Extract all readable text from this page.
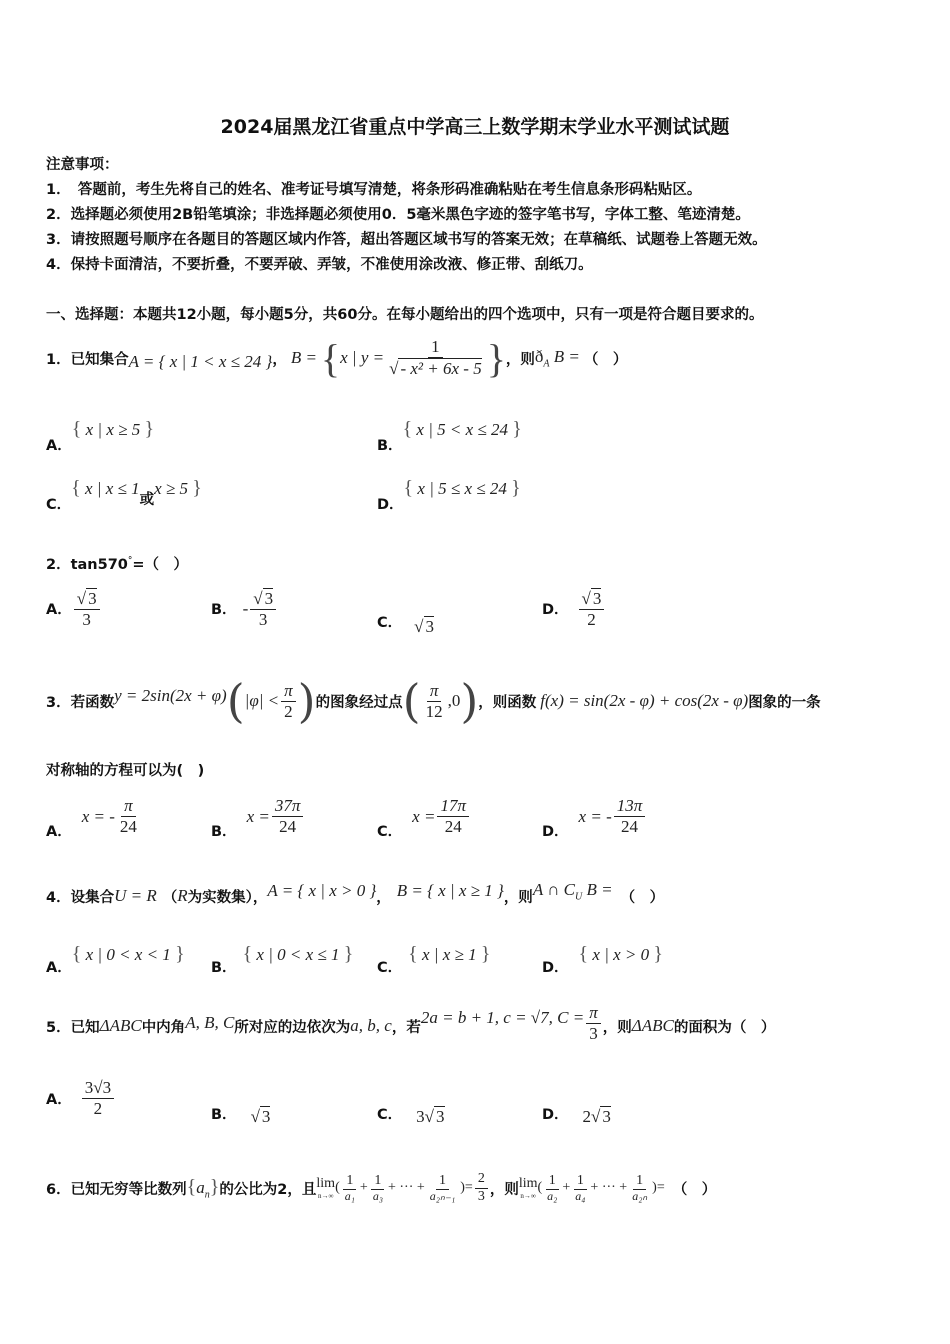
2024届黑龙江省重点中学高三上数学期末学业水平测试试题
注意事项：
1．　答题前，考生先将自己的姓名、准考证号填写清楚，将条形码准确粘贴在考生信息条形码粘贴区。
2．选择题必须使用2B铅笔填涂；非选择题必须使用0．5毫米黑色字迹的签字笔书写，字体工整、笔迹清楚。
3．请按照题号顺序在各题目的答题区域内作答，超出答题区域书写的答案无效；在草稿纸、试题卷上答题无效。
4．保持卡面清洁，不要折叠，不要弄破、弄皱，不准使用涂改液、修正带、刮纸刀。
一、选择题：本题共12小题，每小题5分，共60分。在每小题给出的四个选项中，只有一项是符合题目要求的。
1． 已知集合 A = { x | 1 < x ≤ 24 } ， B = { x | $y = \frac{1}{\text{√ - x² + 6x - 5}}$ } ，则 $ð_A$ B = （　）
A．
{ x | x ≥ 5 }
B．
{ x | 5 < x ≤ 24 }
C．
{ x | x ≤ 1
或
x ≥ 5 }
D．
{ x | 5 ≤ x ≤ 24 }
2．tan570°=（　）
A． $\frac{√ 3}{3}$	B． - $\frac{√ 3}{3}$	C． √ 3
D． $\frac{√ 3}{2}$
3． 若函数 y = 2sin(2x + φ) ( $|\varphi| < \frac{\pi}{2}$ ) 的图象经过点 ( $\frac{\pi}{12} ,0$ ) ，则函数 f(x) = sin(2x - φ) + cos(2x - φ) 图象的一条
对称轴的方程可以为(　)
A．
x = - $\frac{\pi}{24}$	B．
$x = \frac{37\pi}{24}$	C．
$x = \frac{17\pi}{24}$	D．
x = - $\frac{13\pi}{24}$
4． 设集合 U = R （ R 为实数集）， A = { x | x > 0 } ， B = { x | x ≥ 1 } ，则 A ∩ $C_U$ B = （　）
A．
{ x | 0 < x < 1 }
B．
{ x | 0 < x ≤ 1 }
C．
{ x | x ≥ 1 }
D．
{ x | x > 0 }
5． 已知 ΔABC 中内角 A, B, C 所对应的边依次为 a, b, c ，若
2a = b + 1, c = √7, $C = \frac{\pi}{3}$ ，则 ΔABC 的面积为（　）
A． $\frac{3√3}{2}$	B． √ 3	C． 3√ 3	D． 2√ 3
6． 已知无穷等比数列 $\{a_n\}$ 的公比为2，且 lim
n→∞
( $\frac{1}{\text{a₁}} + \frac{1}{\text{a₃}}$ + ··· + $\frac{1}{\text{a₂ₙ₋₁}}$ ) = $\frac{2}{3}$ ，则 lim
n→∞
( $\frac{1}{\text{a₂}} + \frac{1}{\text{a₄}}$ + ··· + $\frac{1}{\text{a₂ₙ}}$ ) = （　）
